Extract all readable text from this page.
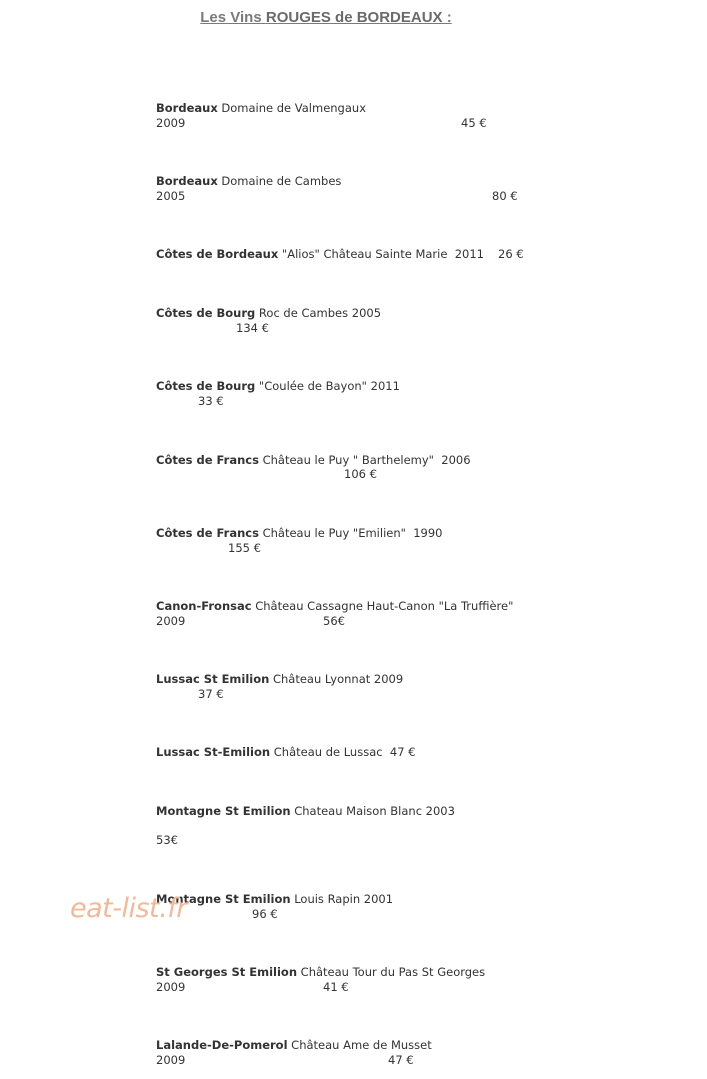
Les Vins ROUGES de BORDEAUX :
Bordeaux Domaine de Valmengaux
2009	45 €
Bordeaux Domaine de Cambes
2005	80 €
Côtes de Bordeaux "Alios" Château Sainte Marie  2011 26 €
Côtes de Bourg Roc de Cambes 2005
134 €
Côtes de Bourg "Coulée de Bayon" 2011
33 €
Côtes de Francs Château le Puy " Barthelemy"  2006
106 €
Côtes de Francs Château le Puy "Emilien"  1990
155 €
Canon-Fronsac Château Cassagne Haut-Canon "La Truffière"
2009	56€
Lussac St Emilion Château Lyonnat 2009
37 €
Lussac St-Emilion Château de Lussac  47 €
Montagne St Emilion Chateau Maison Blanc 2003
53€
Montagne St Emilion Louis Rapin 2001
96 €
St Georges St Emilion Château Tour du Pas St Georges
2009	41 €
Lalande-De-Pomerol Château Ame de Musset
2009	47 €
eat-list.fr
